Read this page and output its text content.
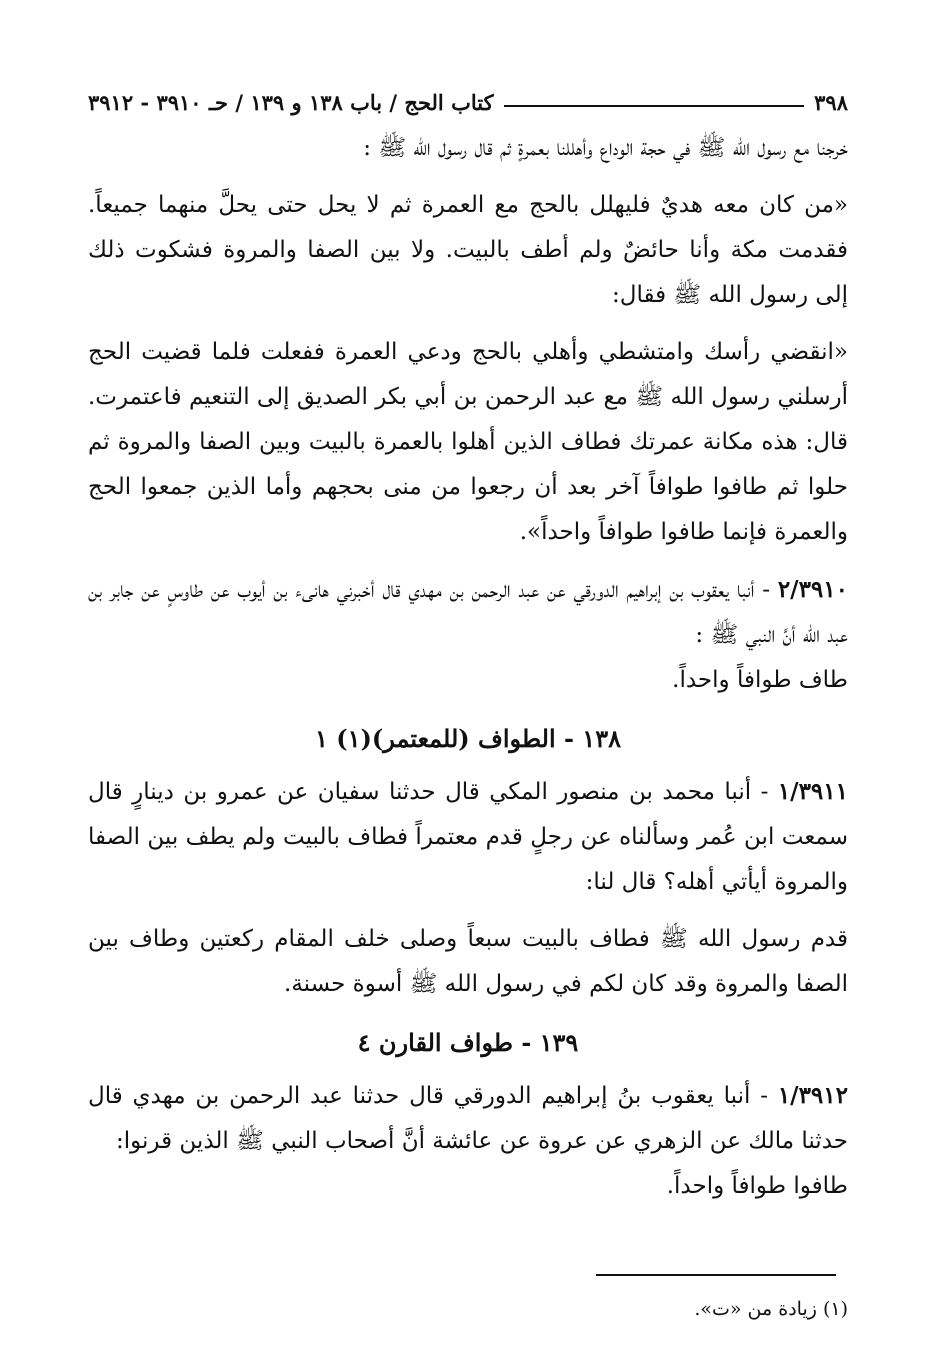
٣٩٨
كتاب الحج / باب ١٣٨ و ١٣٩ / حـ ٣٩١٠ - ٣٩١٢

خرجنا مع رسول الله ﷺ في حجة الوداع وأهللنا بعمرةٍ ثم قال رسول الله ﷺ :

«من كان معه هديٌ فليهلل بالحج مع العمرة ثم لا يحل حتى يحلَّ منهما جميعاً. فقدمت مكة وأنا حائضٌ ولم أطف بالبيت. ولا بين الصفا والمروة فشكوت ذلك إلى رسول الله ﷺ فقال:

«انقضي رأسك وامتشطي وأهلي بالحج ودعي العمرة ففعلت فلما قضيت الحج أرسلني رسول الله ﷺ مع عبد الرحمن بن أبي بكر الصديق إلى التنعيم فاعتمرت. قال: هذه مكانة عمرتك فطاف الذين أهلوا بالعمرة بالبيت وبين الصفا والمروة ثم حلوا ثم طافوا طوافاً آخر بعد أن رجعوا من منى بحجهم وأما الذين جمعوا الحج والعمرة فإنما طافوا طوافاً واحداً».

٢/٣٩١٠ - أنبا يعقوب بن إبراهيم الدورقي عن عبد الرحمن بن مهدي قال أخبرني هانىء بن أيوب عن طاوسٍ عن جابر بن عبد الله أنَّ النبي ﷺ :

طاف طوافاً واحداً.

١٣٨ - الطواف (للمعتمر)(١) ١

١/٣٩١١ - أنبا محمد بن منصور المكي قال حدثنا سفيان عن عمرو بن دينارٍ قال سمعت ابن عُمر وسألناه عن رجلٍ قدم معتمراً فطاف بالبيت ولم يطف بين الصفا والمروة أيأتي أهله؟ قال لنا:

قدم رسول الله ﷺ فطاف بالبيت سبعاً وصلى خلف المقام ركعتين وطاف بين الصفا والمروة وقد كان لكم في رسول الله ﷺ أسوة حسنة.

١٣٩ - طواف القارن ٤

١/٣٩١٢ - أنبا يعقوب بنُ إبراهيم الدورقي قال حدثنا عبد الرحمن بن مهدي قال حدثنا مالك عن الزهري عن عروة عن عائشة أنَّ أصحاب النبي ﷺ الذين قرنوا:

طافوا طوافاً واحداً.

(١) زيادة من «ت».
